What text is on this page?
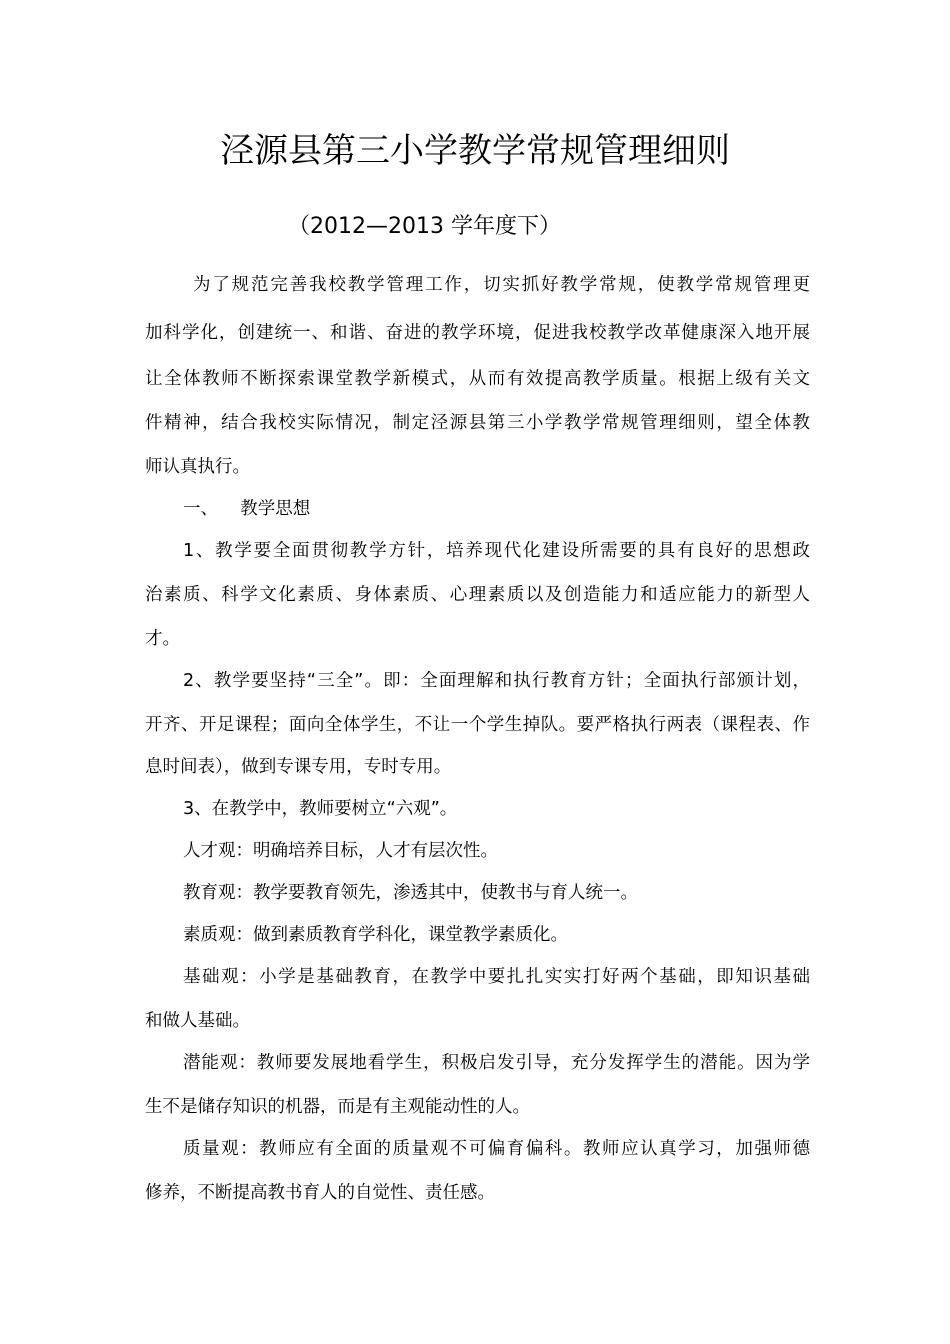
泾源县第三小学教学常规管理细则
（2012—2013 学年度下）
为了规范完善我校教学管理工作，切实抓好教学常规，使教学常规管理更
加科学化，创建统一、和谐、奋进的教学环境，促进我校教学改革健康深入地开展
让全体教师不断探索课堂教学新模式，从而有效提高教学质量。根据上级有关文
件精神，结合我校实际情况，制定泾源县第三小学教学常规管理细则，望全体教
师认真执行。
一、    教学思想
1、教学要全面贯彻教学方针，培养现代化建设所需要的具有良好的思想政
治素质、科学文化素质、身体素质、心理素质以及创造能力和适应能力的新型人
才。
2、教学要坚持“三全”。即：全面理解和执行教育方针；全面执行部颁计划，
开齐、开足课程；面向全体学生，不让一个学生掉队。要严格执行两表（课程表、作
息时间表），做到专课专用，专时专用。
3、在教学中，教师要树立“六观”。
人才观：明确培养目标，人才有层次性。
教育观：教学要教育领先，渗透其中，使教书与育人统一。
素质观：做到素质教育学科化，课堂教学素质化。
基础观：小学是基础教育，在教学中要扎扎实实打好两个基础，即知识基础
和做人基础。
潜能观：教师要发展地看学生，积极启发引导，充分发挥学生的潜能。因为学
生不是储存知识的机器，而是有主观能动性的人。
质量观：教师应有全面的质量观不可偏育偏科。教师应认真学习，加强师德
修养，不断提高教书育人的自觉性、责任感。
